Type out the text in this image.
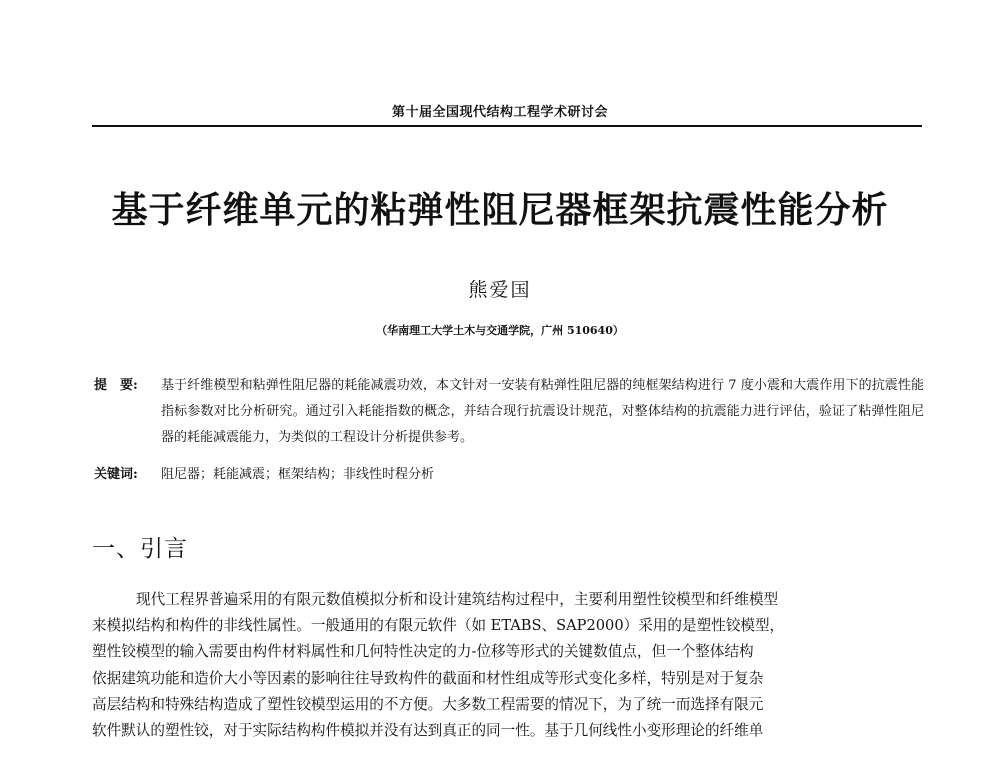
第十届全国现代结构工程学术研讨会
基于纤维单元的粘弹性阻尼器框架抗震性能分析
熊爱国
（华南理工大学土木与交通学院，广州 510640）
提　要:	基于纤维模型和粘弹性阻尼器的耗能减震功效，本文针对一安装有粘弹性阻尼器的纯框架结构进行 7 度小震和大震作用下的抗震性能指标参数对比分析研究。通过引入耗能指数的概念，并结合现行抗震设计规范，对整体结构的抗震能力进行评估，验证了粘弹性阻尼器的耗能减震能力，为类似的工程设计分析提供参考。
关键词:	阻尼器；耗能减震；框架结构；非线性时程分析
一、引言
现代工程界普遍采用的有限元数值模拟分析和设计建筑结构过程中，主要利用塑性铰模型和纤维模型
来模拟结构和构件的非线性属性。一般通用的有限元软件（如 ETABS、SAP2000）采用的是塑性铰模型，
塑性铰模型的输入需要由构件材料属性和几何特性决定的力-位移等形式的关键数值点，但一个整体结构
依据建筑功能和造价大小等因素的影响往往导致构件的截面和材性组成等形式变化多样，特别是对于复杂
高层结构和特殊结构造成了塑性铰模型运用的不方便。大多数工程需要的情况下，为了统一而选择有限元
软件默认的塑性铰，对于实际结构构件模拟并没有达到真正的同一性。基于几何线性小变形理论的纤维单
